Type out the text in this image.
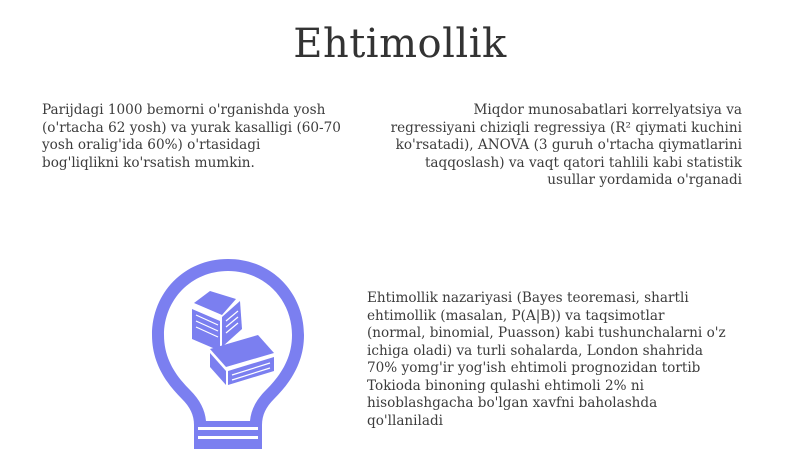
Ehtimollik
Parijdagi 1000 bemorni o'rganishda yosh
(o'rtacha 62 yosh) va yurak kasalligi (60-70
yosh oralig'ida 60%) o'rtasidagi
bog'liqlikni ko'rsatish mumkin.
Miqdor munosabatlari korrelyatsiya va
regressiyani chiziqli regressiya (R² qiymati kuchini
ko'rsatadi), ANOVA (3 guruh o'rtacha qiymatlarini
taqqoslash) va vaqt qatori tahlili kabi statistik
usullar yordamida o'rganadi
Ehtimollik nazariyasi (Bayes teoremasi, shartli
ehtimollik (masalan, P(A|B)) va taqsimotlar
(normal, binomial, Puasson) kabi tushunchalarni o'z
ichiga oladi) va turli sohalarda, London shahrida
70% yomg'ir yog'ish ehtimoli prognozidan tortib
Tokioda binoning qulashi ehtimoli 2% ni
hisoblashgacha bo'lgan xavfni baholashda
qo'llaniladi
